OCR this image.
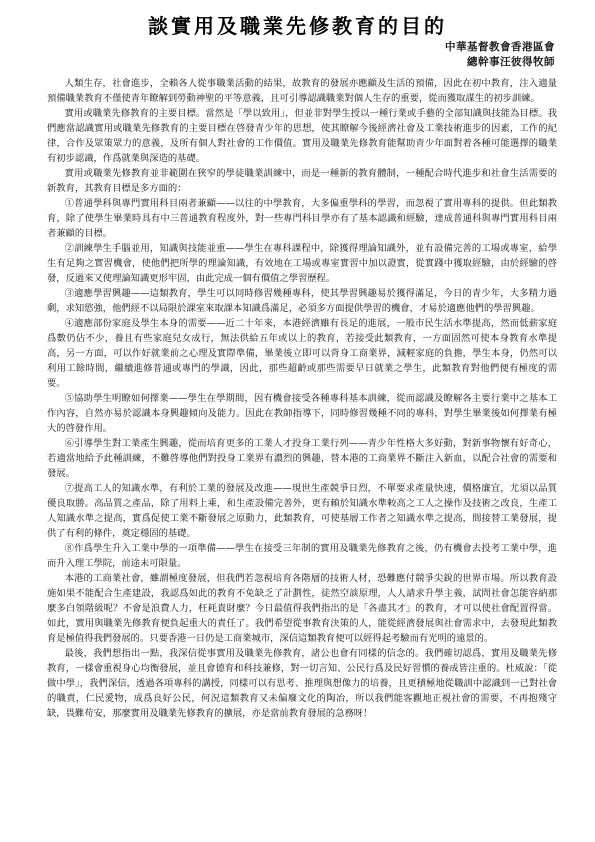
談實用及職業先修教育的目的
中華基督教會香港區會
總幹事汪彼得牧師

人類生存，社會進步，全賴各人從事職業活動的結果，故教育的發展亦應顧及生活的預備，因此在初中教育，注入適量預備職業教育不僅使青年瞭解到勞動神聖的平等意義，且可引導認識職業對個人生存的重要，從而獲取謀生的初步訓練。

實用或職業先修教育的主要目標。當然是「學以致用」，但並非對學生授以一種行業或手藝的全部知識與技能為目標。我們應當認識實用或職業先修教育的主要目標在啓發青少年的思想，使其瞭解今後經濟社會及工業技術進步的因素，工作的紀律，合作及眾策眾力的意義，及所有個人對社會的工作價值。實用及職業先修教育能幫助青少年面對着各種可能選擇的職業有初步認識，作爲就業與深造的基礎。

實用或職業先修教育並非範圍在狹窄的學徒職業訓練中，而是一種新的教育體制，一種配合時代進步和社會生活需要的新教育，其教育目標是多方面的：

①普通學科與專門實用科目兩者兼顧——以往的中學教育，大多偏重學科的學習，而忽視了實用專科的提供。但此類教育，除了使學生畢業時具有中三普通教育程度外，對一些專門科目學亦有了基本認識和經驗，達成普通科與專門實用科目兩者兼顧的目標。

②訓練學生手腦並用，知識與技能並重——學生在專科課程中，除獲得理論知識外，並有設備完善的工場或專室，給學生有足夠之實習機會，使他們把所學的理論知識，有效地在工場或專室實習中加以證實，從實踐中獲取經驗，由於經驗的啓發，反過來又使理論知識更形牢固，由此完成一個有價值之學習歷程。

③適應學習興趣——這類教育，學生可以同時修習幾種專科，使其學習興趣易於獲得滿足，今日的青少年，大多精力過剩，求知慾強，他們經不以局限於課室來取課本知識爲滿足，必須多方面提供學習的機會，才易於適應他們的學習興趣。

④適應部份家庭及學生本身的需要——近二十年來，本港經濟雖有長足的進展，一般市民生活水準提高，然而低薪家庭爲數仍佔不少，養且有些家庭兒女成行，無法供給五年或以上的教育，若接受此類教育，一方面固然可使本身教育水準提高，另一方面，可以作好就業前之心理及實際準備，畢業後立即可以背身工商業界，減輕家庭的負擔，學生本身，仍然可以利用工餘時間，繼續進修普通或專門的學識，因此，那些超齡或那些需要早日就業之學生，此類教育對他們便有極度的需要。

⑤協助學生明瞭如何擇業——學生在學期間，因有機會接受各種專科基本訓練，從而認識及瞭解各主要行業中之基本工作內容，自然亦易於認識本身興趣傾向及能力。因此在教師指導下，同時修習幾種不同的專科，對學生畢業後如何擇業有極大的啓發作用。

⑥引導學生對工業產生興趣，從而培育更多的工業人才投身工業行列——青少年性格大多好動，對新事物懷有好奇心，若適當地給予此種訓練，不難啓導他們對投身工業界有濃烈的興趣，替本港的工商業界不斷注入新血，以配合社會的需要和發展。

⑦提高工人的知識水準，有利於工業的發展及改進——現世生產競爭日烈，不單要求產量快速，價格廉宜，尤須以品質優良取勝。高品質之產品，除了用料上乘，和生產設備完善外，更有賴於知識水準較高之工人之操作及技術之改良，生產工人知識水準之提高，實爲促使工業不斷發展之原動力，此類教育，可使基層工作者之知識水準之提高，間接替工業發展，提供了有利的條件，奠定穩固的基礎。

⑧作爲學生升入工業中學的一項準備——學生在接受三年制的實用及職業先修教育之後，仍有機會去投考工業中學，進而升入理工學院，前途未可限量。

本港的工商業社會，雖謂極度發展，但我們若忽視培育各階層的技術人材，恐難應付競爭尖銳的世界市場。所以教育設施如果不能配合生產建設，我認爲如此的教育不免缺乏了計劃性，徒然空談原理，人人請求升學主義，試問社會怎能容納那麼多白領階級呢？不會是浪費人力，枉耗貴財麼？今日最值得我們指出的是「各盡其才」的教育，才可以使社會配置得當。如此，實用與職業先修教育便負起重大的責任了。我們希望從事教育決策的人，能從經濟發展與社會需求中，去發現此類教育是極值得我們發展的。只要香港一日仍是工商業城市，深信這類教育便可以經得起考驗而有光明的遠景的。

最後，我們想指出一點，我深信從事實用及職業先修教育，諸公也會有同樣的信念的。我們確切認爲，實用及職業先修教育，一樣會重視身心均衡發展，並且會德育和科技兼修，對一切言知、公民行爲及民好習慣的養成皆注重的。杜威說：「從做中學」，我們深信，透過各項專科的講授，同樣可以有思考、推理與想像力的培養，且更積極地從職訓中認識到一己對社會的職責，仁民愛物，成爲良好公民，何況這類教育又未偏廢文化的陶冶，所以我們能客觀地正視社會的需要，不再抱殘守缺，畏難苟安，那麼實用及職業先修教育的擴展，亦是當前教育發展的急務呀！
